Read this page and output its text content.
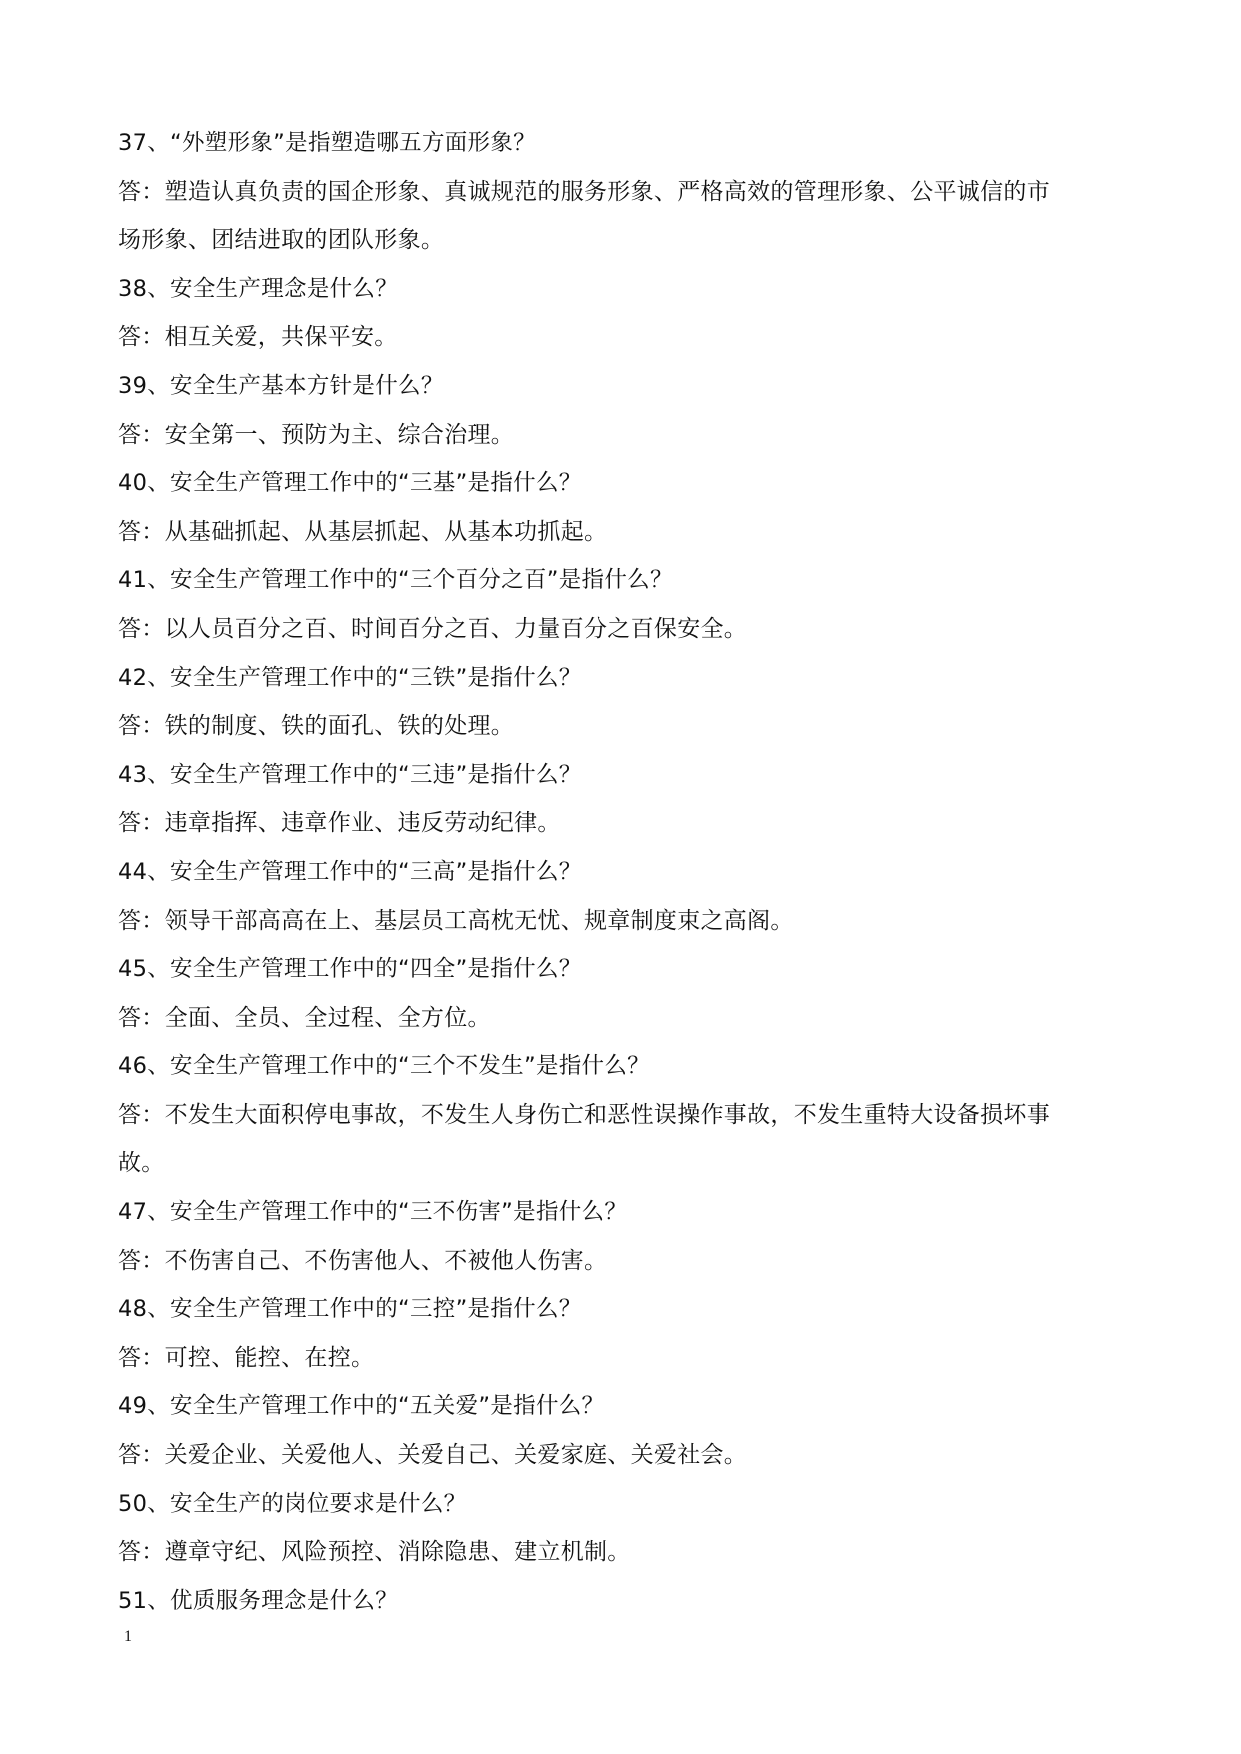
37、“外塑形象”是指塑造哪五方面形象？
答：塑造认真负责的国企形象、真诚规范的服务形象、严格高效的管理形象、公平诚信的市
场形象、团结进取的团队形象。
38、安全生产理念是什么？
答：相互关爱，共保平安。
39、安全生产基本方针是什么？
答：安全第一、预防为主、综合治理。
40、安全生产管理工作中的“三基”是指什么？
答：从基础抓起、从基层抓起、从基本功抓起。
41、安全生产管理工作中的“三个百分之百”是指什么？
答：以人员百分之百、时间百分之百、力量百分之百保安全。
42、安全生产管理工作中的“三铁”是指什么？
答：铁的制度、铁的面孔、铁的处理。
43、安全生产管理工作中的“三违”是指什么？
答：违章指挥、违章作业、违反劳动纪律。
44、安全生产管理工作中的“三高”是指什么？
答：领导干部高高在上、基层员工高枕无忧、规章制度束之高阁。
45、安全生产管理工作中的“四全”是指什么？
答：全面、全员、全过程、全方位。
46、安全生产管理工作中的“三个不发生”是指什么？
答：不发生大面积停电事故，不发生人身伤亡和恶性误操作事故，不发生重特大设备损坏事
故。
47、安全生产管理工作中的“三不伤害”是指什么？
答：不伤害自己、不伤害他人、不被他人伤害。
48、安全生产管理工作中的“三控”是指什么？
答：可控、能控、在控。
49、安全生产管理工作中的“五关爱”是指什么？
答：关爱企业、关爱他人、关爱自己、关爱家庭、关爱社会。
50、安全生产的岗位要求是什么？
答：遵章守纪、风险预控、消除隐患、建立机制。
51、优质服务理念是什么？
1
